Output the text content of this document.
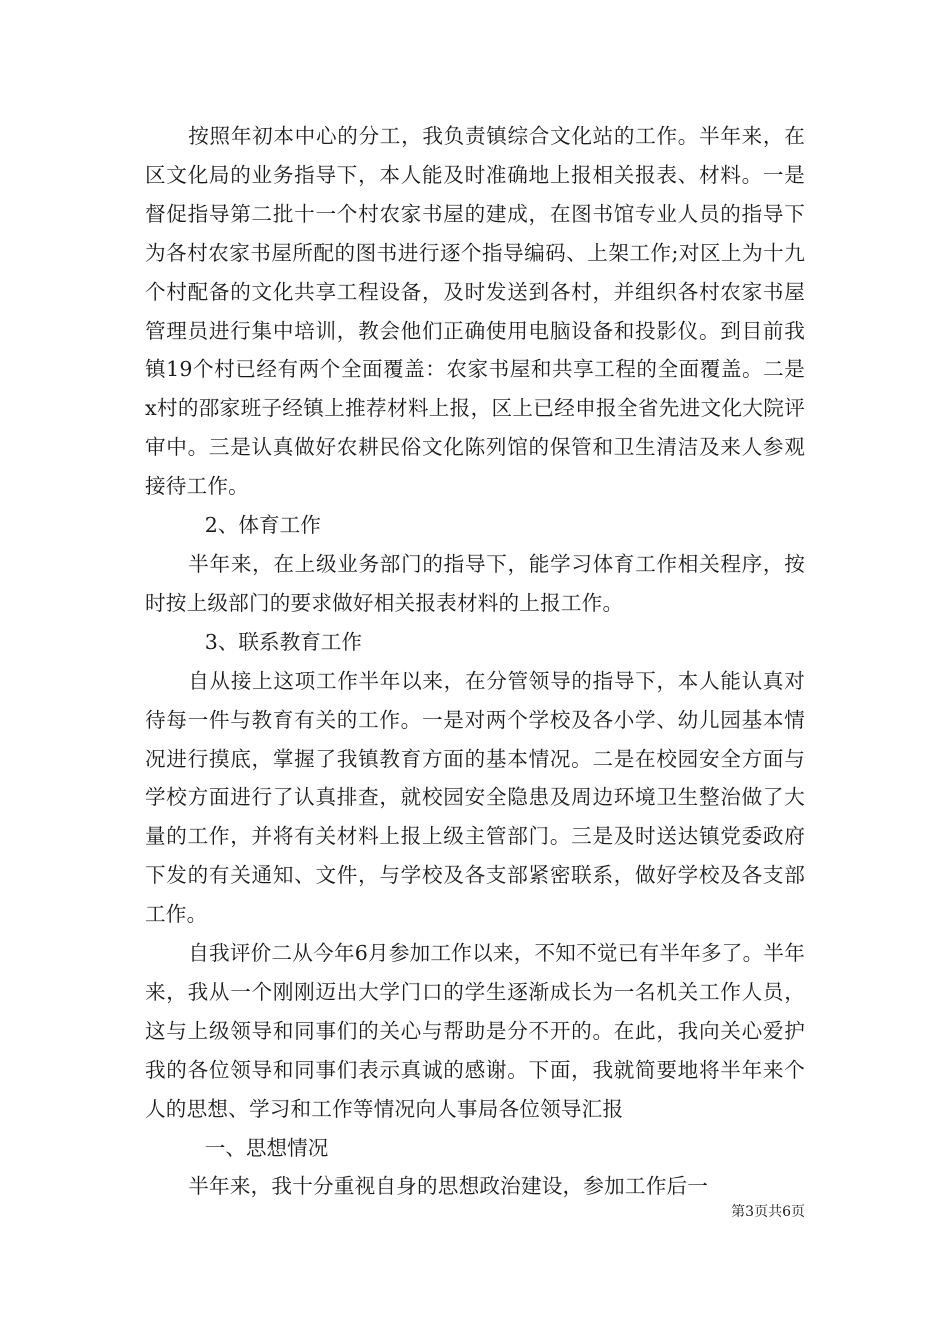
按照年初本中心的分工，我负责镇综合文化站的工作。半年来，在区文化局的业务指导下，本人能及时准确地上报相关报表、材料。一是督促指导第二批十一个村农家书屋的建成，在图书馆专业人员的指导下为各村农家书屋所配的图书进行逐个指导编码、上架工作;对区上为十九个村配备的文化共享工程设备，及时发送到各村，并组织各村农家书屋管理员进行集中培训，教会他们正确使用电脑设备和投影仪。到目前我镇19个村已经有两个全面覆盖：农家书屋和共享工程的全面覆盖。二是x村的邵家班子经镇上推荐材料上报，区上已经申报全省先进文化大院评审中。三是认真做好农耕民俗文化陈列馆的保管和卫生清洁及来人参观接待工作。

2、体育工作

半年来，在上级业务部门的指导下，能学习体育工作相关程序，按时按上级部门的要求做好相关报表材料的上报工作。

3、联系教育工作

自从接上这项工作半年以来，在分管领导的指导下，本人能认真对待每一件与教育有关的工作。一是对两个学校及各小学、幼儿园基本情况进行摸底，掌握了我镇教育方面的基本情况。二是在校园安全方面与学校方面进行了认真排查，就校园安全隐患及周边环境卫生整治做了大量的工作，并将有关材料上报上级主管部门。三是及时送达镇党委政府下发的有关通知、文件，与学校及各支部紧密联系，做好学校及各支部工作。

自我评价二从今年6月参加工作以来，不知不觉已有半年多了。半年来，我从一个刚刚迈出大学门口的学生逐渐成长为一名机关工作人员，这与上级领导和同事们的关心与帮助是分不开的。在此，我向关心爱护我的各位领导和同事们表示真诚的感谢。下面，我就简要地将半年来个人的思想、学习和工作等情况向人事局各位领导汇报

一、思想情况

半年来，我十分重视自身的思想政治建设，参加工作后一

第3页共6页
